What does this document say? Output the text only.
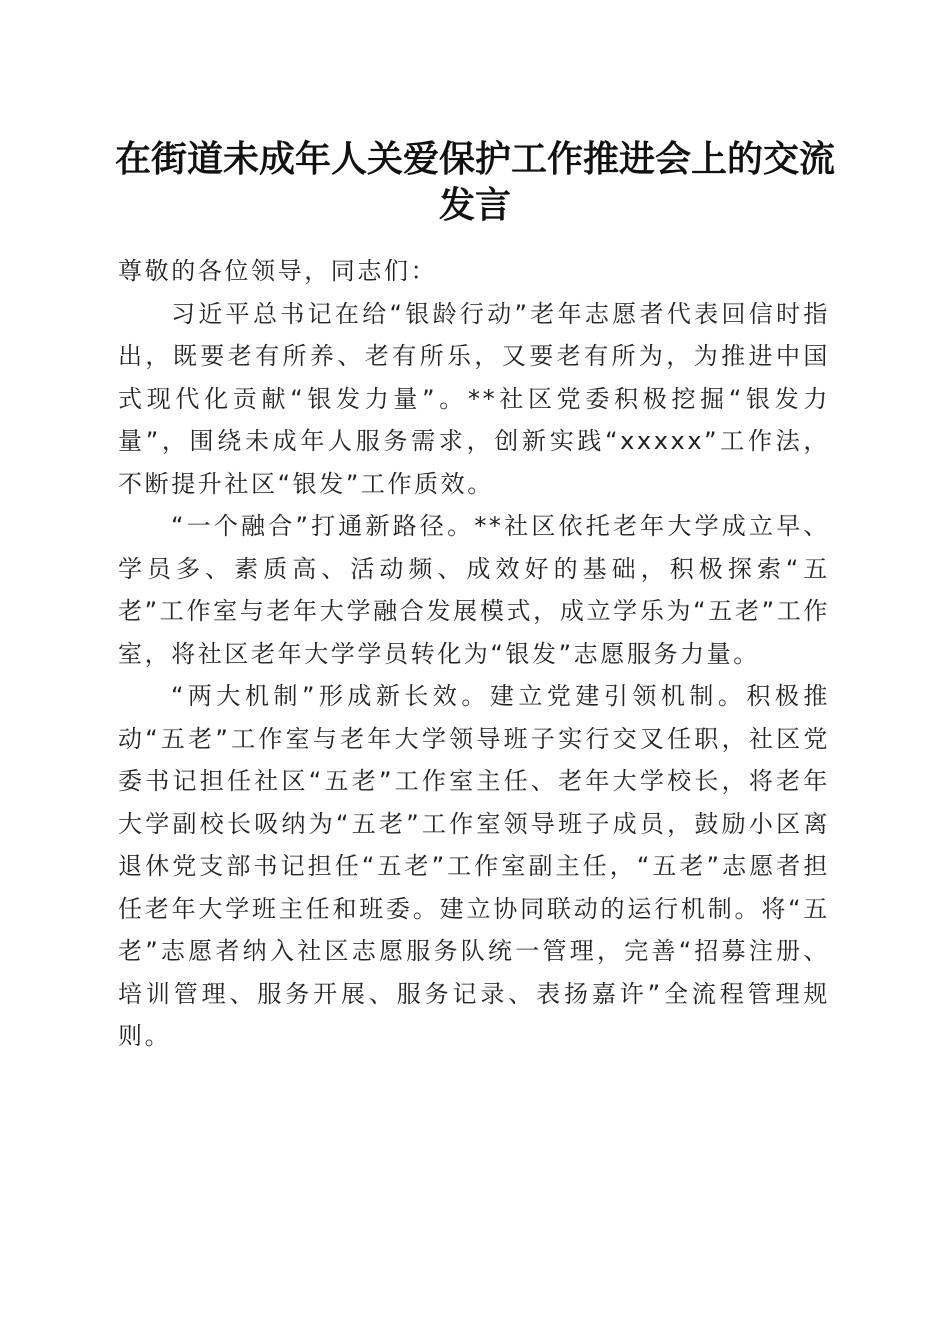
在街道未成年人关爱保护工作推进会上的交流发言

尊敬的各位领导，同志们：

习近平总书记在给“银龄行动”老年志愿者代表回信时指出，既要老有所养、老有所乐，又要老有所为，为推进中国式现代化贡献“银发力量”。**社区党委积极挖掘“银发力量”，围绕未成年人服务需求，创新实践“xxxxx”工作法，不断提升社区“银发”工作质效。

“一个融合”打通新路径。**社区依托老年大学成立早、学员多、素质高、活动频、成效好的基础，积极探索“五老”工作室与老年大学融合发展模式，成立学乐为“五老”工作室，将社区老年大学学员转化为“银发”志愿服务力量。

“两大机制”形成新长效。建立党建引领机制。积极推动“五老”工作室与老年大学领导班子实行交叉任职，社区党委书记担任社区“五老”工作室主任、老年大学校长，将老年大学副校长吸纳为“五老”工作室领导班子成员，鼓励小区离退休党支部书记担任“五老”工作室副主任，“五老”志愿者担任老年大学班主任和班委。建立协同联动的运行机制。将“五老”志愿者纳入社区志愿服务队统一管理，完善“招募注册、培训管理、服务开展、服务记录、表扬嘉许”全流程管理规则。
